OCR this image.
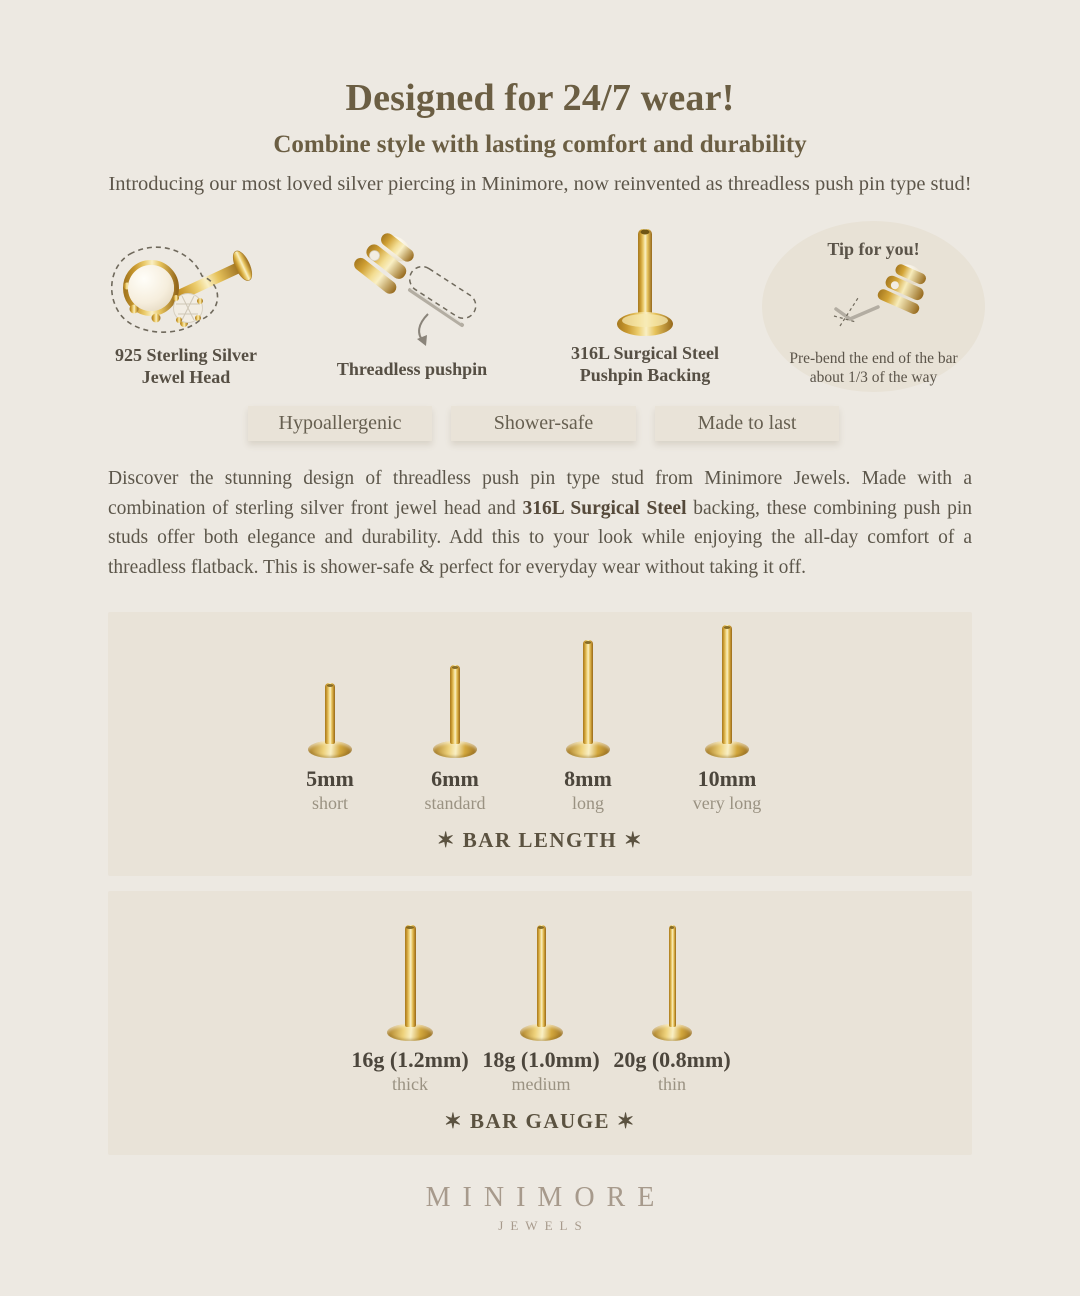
Designed for 24/7 wear!
Combine style with lasting comfort and durability

Introducing our most loved silver piercing in Minimore, now reinvented as threadless push pin type stud!

925 Sterling Silver
Jewel Head	Threadless pushpin
316L Surgical Steel
Pushpin Backing
Tip for you!
Pre-bend the end of the bar
about 1/3 of the way
Hypoallergenic	Shower-safe	Made to last

Discover the stunning design of threadless push pin type stud from Minimore Jewels. Made with a combination of sterling silver front jewel head and 316L Surgical Steel backing, these combining push pin studs offer both elegance and durability. Add this to your look while enjoying the all-day comfort of a threadless flatback. This is shower-safe & perfect for everyday wear without taking it off.

5mm
short
6mm
standard
8mm
long
10mm
very long
✶ BAR LENGTH ✶
16g (1.2mm)
thick
18g (1.0mm)
medium
20g (0.8mm)
thin
✶ BAR GAUGE ✶
MINIMORE
JEWELS
